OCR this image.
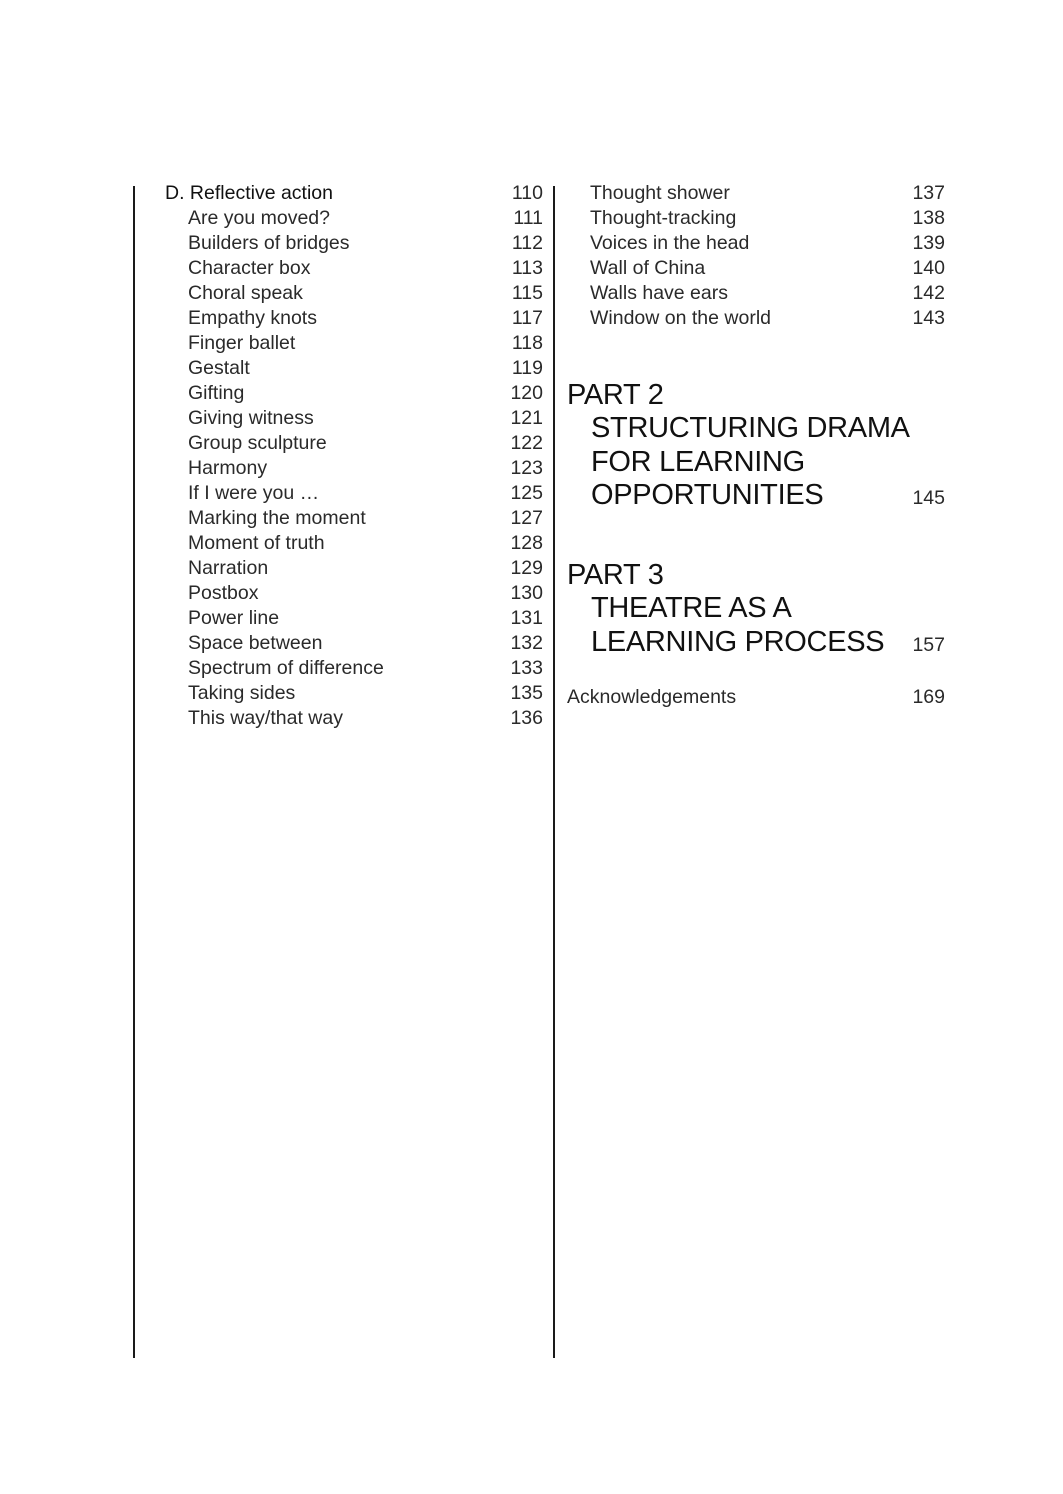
D. Reflective action	110
Are you moved?	111
Builders of bridges	112
Character box	113
Choral speak	115
Empathy knots	117
Finger ballet	118
Gestalt	119
Gifting	120
Giving witness	121
Group sculpture	122
Harmony	123
If I were you …	125
Marking the moment	127
Moment of truth	128
Narration	129
Postbox	130
Power line	131
Space between	132
Spectrum of difference	133
Taking sides	135
This way/that way	136
Thought shower	137
Thought-tracking	138
Voices in the head	139
Wall of China	140
Walls have ears	142
Window on the world	143
PART 2
STRUCTURING DRAMA
FOR LEARNING
OPPORTUNITIES	145
PART 3
THEATRE AS A
LEARNING PROCESS 157
Acknowledgements	169
